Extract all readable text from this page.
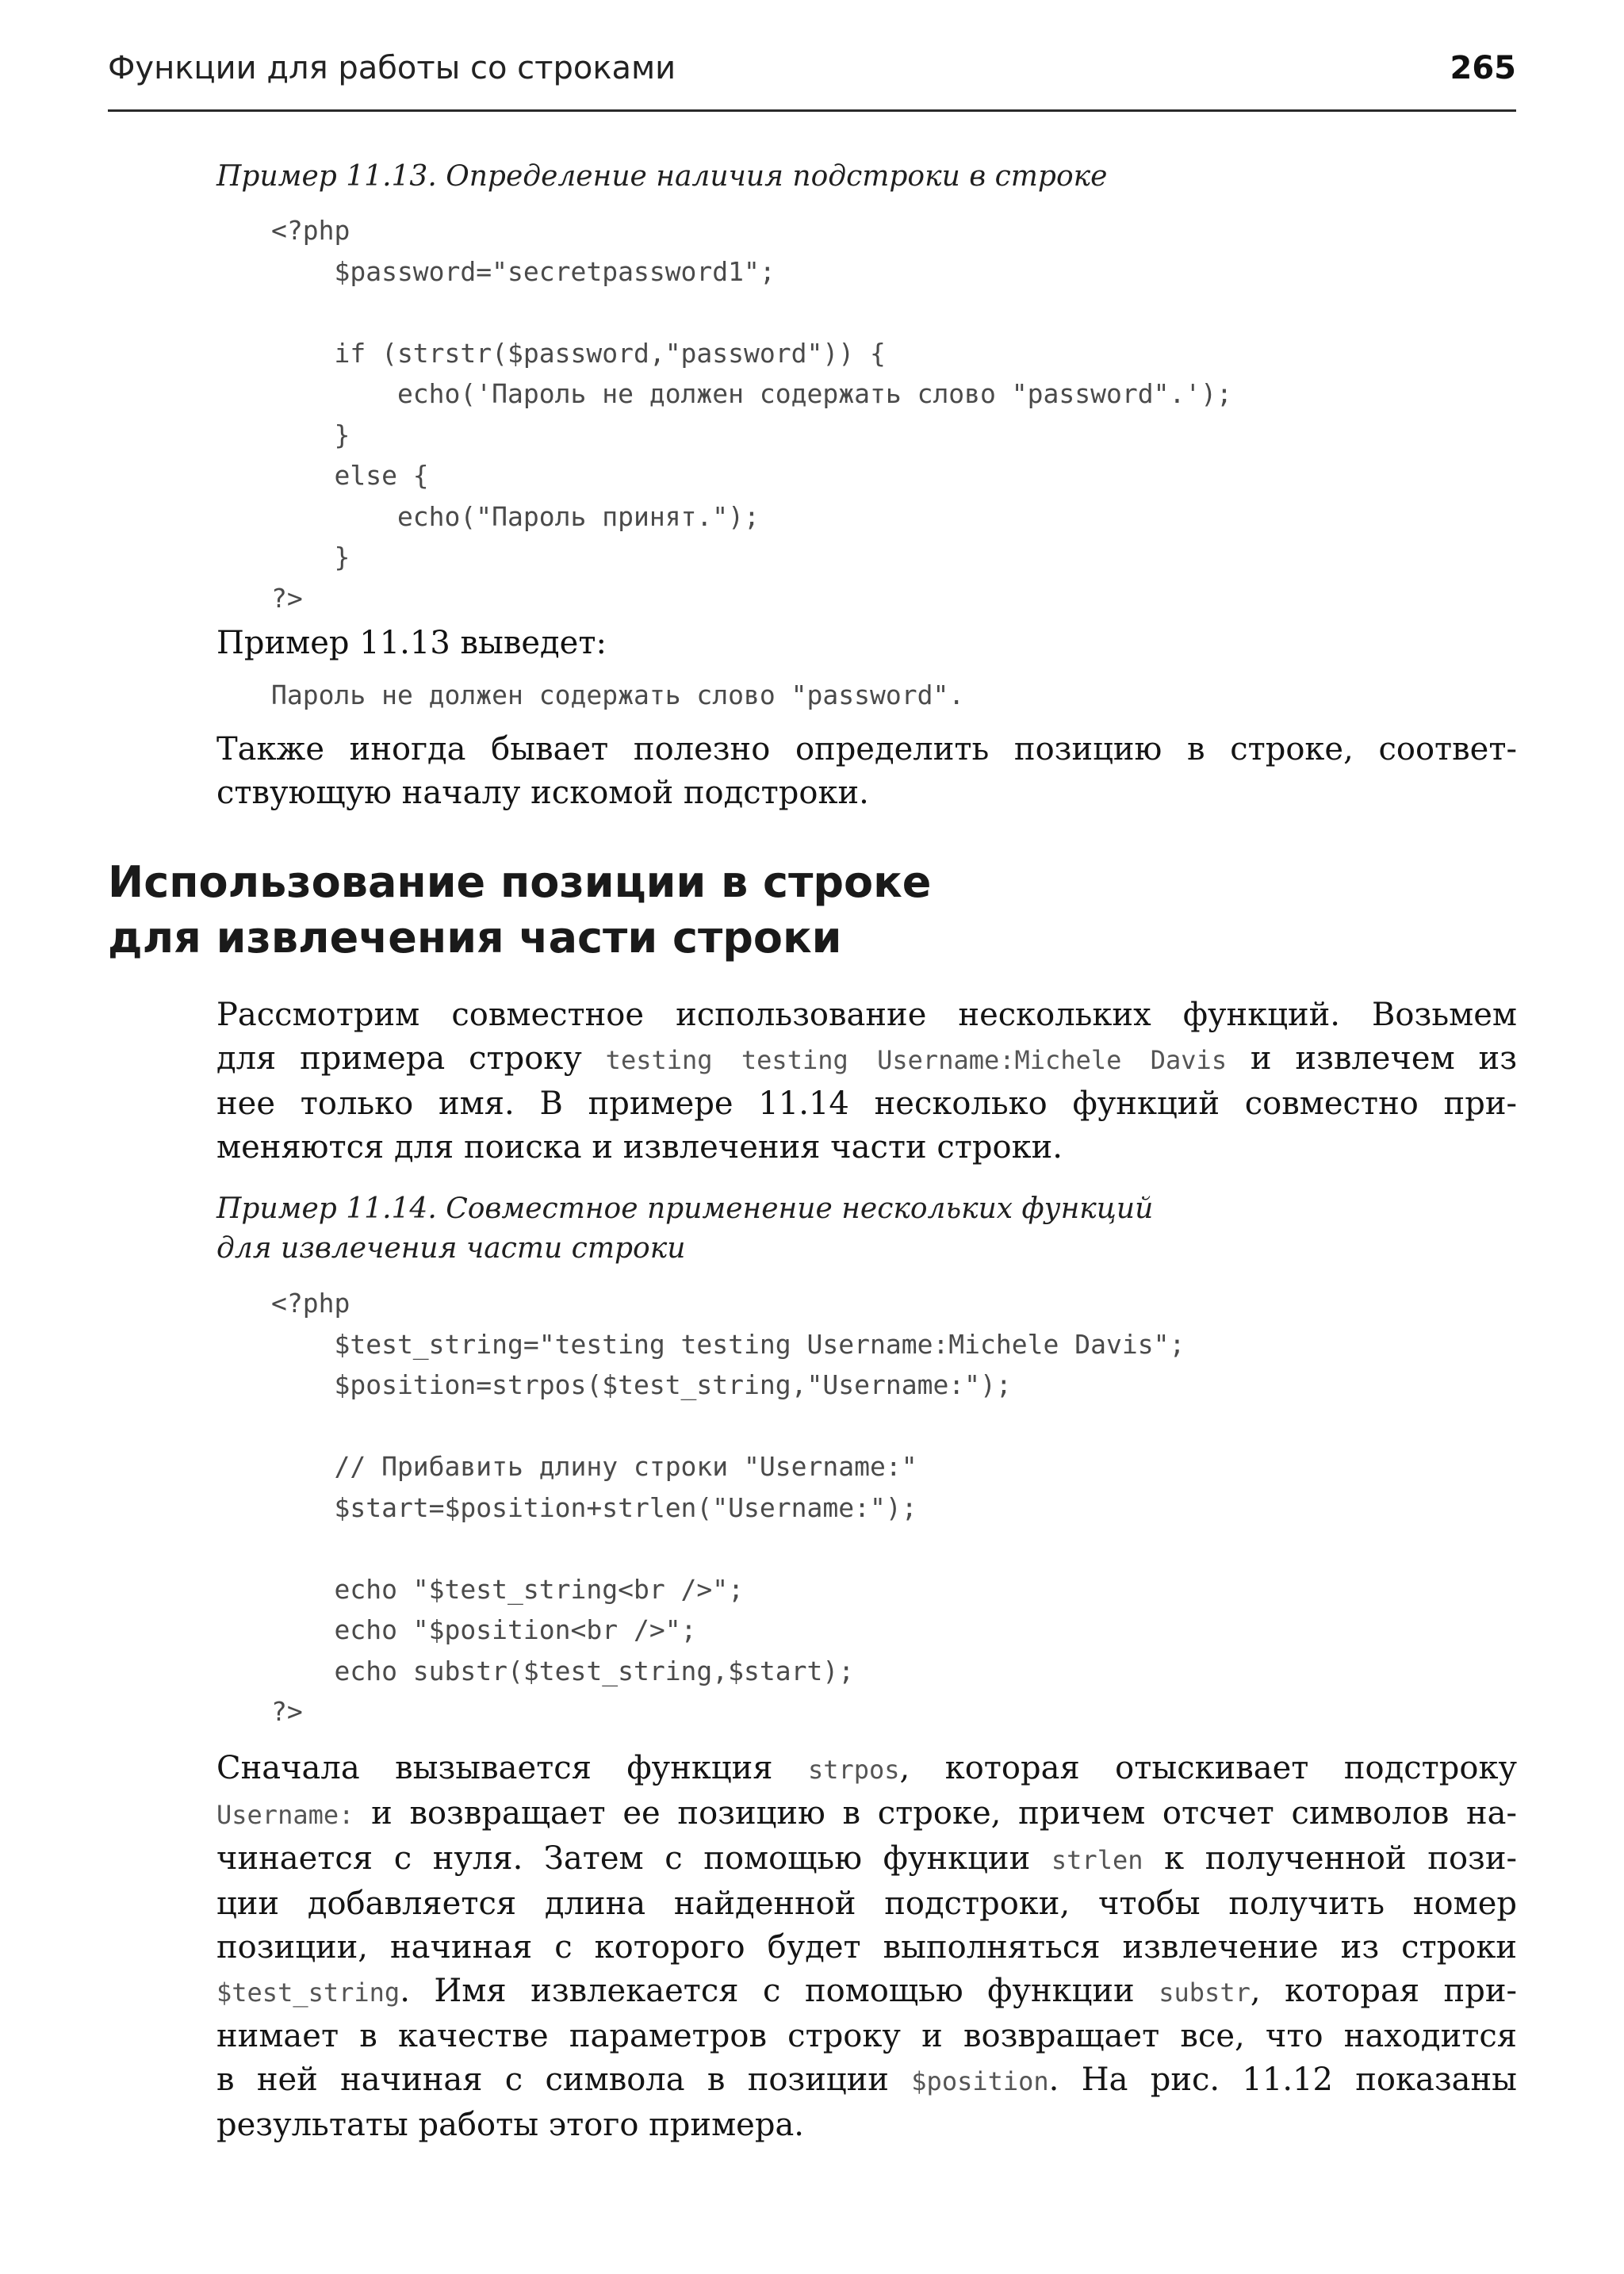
Функции для работы со строками	265
Пример 11.13. Определение наличия подстроки в строке
<?php
$password="secretpassword1";

if (strstr($password,"password")) {
echo('Пароль не должен содержать слово "password".');
}
else {
echo("Пароль принят.");
}
?>
Пример 11.13 выведет:
Пароль не должен содержать слово "password".
Также иногда бывает полезно определить позицию в строке, соответ-
ствующую началу искомой подстроки.
Использование позиции в строке
для извлечения части строки
Рассмотрим совместное использование нескольких функций. Возьмем
для примера строку testing testing Username:Michele Davis и извлечем из
нее только имя. В примере 11.14 несколько функций совместно при-
меняются для поиска и извлечения части строки.
Пример 11.14. Совместное применение нескольких функций
для извлечения части строки
<?php
$test_string="testing testing Username:Michele Davis";
$position=strpos($test_string,"Username:");

// Прибавить длину строки "Username:"
$start=$position+strlen("Username:");

echo "$test_string<br />";
echo "$position<br />";
echo substr($test_string,$start);
?>
Сначала вызывается функция strpos, которая отыскивает подстроку
Username: и возвращает ее позицию в строке, причем отсчет символов на-
чинается с нуля. Затем с помощью функции strlen к полученной пози-
ции добавляется длина найденной подстроки, чтобы получить номер
позиции, начиная с которого будет выполняться извлечение из строки
$test_string. Имя извлекается с помощью функции substr, которая при-
нимает в качестве параметров строку и возвращает все, что находится
в ней начиная с символа в позиции $position. На рис. 11.12 показаны
результаты работы этого примера.
